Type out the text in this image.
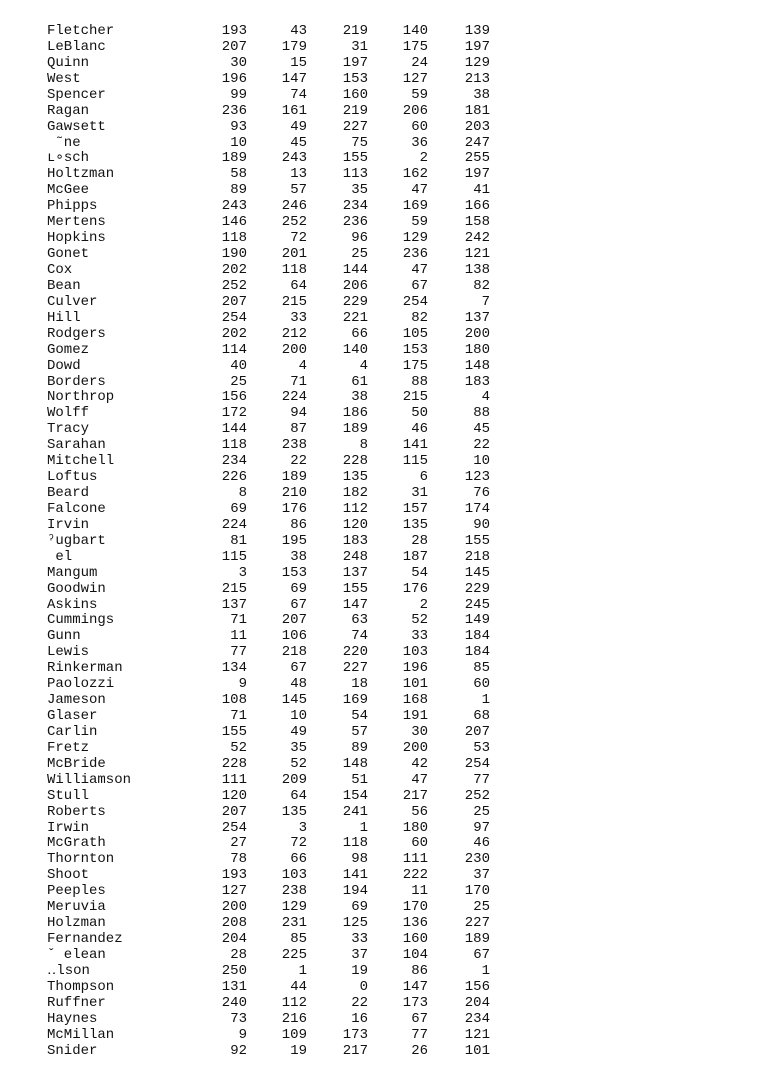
Fletcher	193	43	219	140	139
LeBlanc	207	179	31	175	197
Quinn	30	15	197	24	129
West	196	147	153	127	213
Spencer	99	74	160	59	38
Ragan	236	161	219	206	181
Gawsett	93	49	227	60	203
˜ne	10	45	75	36	247
ʟ∘sch	189	243	155	2	255
Holtzman	58	13	113	162	197
McGee	89	57	35	47	41
Phipps	243	246	234	169	166
Mertens	146	252	236	59	158
Hopkins	118	72	96	129	242
Gonet	190	201	25	236	121
Cox	202	118	144	47	138
Bean	252	64	206	67	82
Culver	207	215	229	254	7
Hill	254	33	221	82	137
Rodgers	202	212	66	105	200
Gomez	114	200	140	153	180
Dowd	40	4	4	175	148
Borders	25	71	61	88	183
Northrop	156	224	38	215	4
Wolff	172	94	186	50	88
Tracy	144	87	189	46	45
Sarahan	118	238	8	141	22
Mitchell	234	22	228	115	10
Loftus	226	189	135	6	123
Beard	8	210	182	31	76
Falcone	69	176	112	157	174
Irvin	224	86	120	135	90
ˀugbart	81	195	183	28	155
el	115	38	248	187	218
Mangum	3	153	137	54	145
Goodwin	215	69	155	176	229
Askins	137	67	147	2	245
Cummings	71	207	63	52	149
Gunn	11	106	74	33	184
Lewis	77	218	220	103	184
Rinkerman	134	67	227	196	85
Paolozzi	9	48	18	101	60
Jameson	108	145	169	168	1
Glaser	71	10	54	191	68
Carlin	155	49	57	30	207
Fretz	52	35	89	200	53
McBride	228	52	148	42	254
Williamson	111	209	51	47	77
Stull	120	64	154	217	252
Roberts	207	135	241	56	25
Irwin	254	3	1	180	97
McGrath	27	72	118	60	46
Thornton	78	66	98	111	230
Shoot	193	103	141	222	37
Peeples	127	238	194	11	170
Meruvia	200	129	69	170	25
Holzman	208	231	125	136	227
Fernandez	204	85	33	160	189
ˇ elean	28	225	37	104	67
‥lson	250	1	19	86	1
Thompson	131	44	0	147	156
Ruffner	240	112	22	173	204
Haynes	73	216	16	67	234
McMillan	9	109	173	77	121
Snider	92	19	217	26	101
